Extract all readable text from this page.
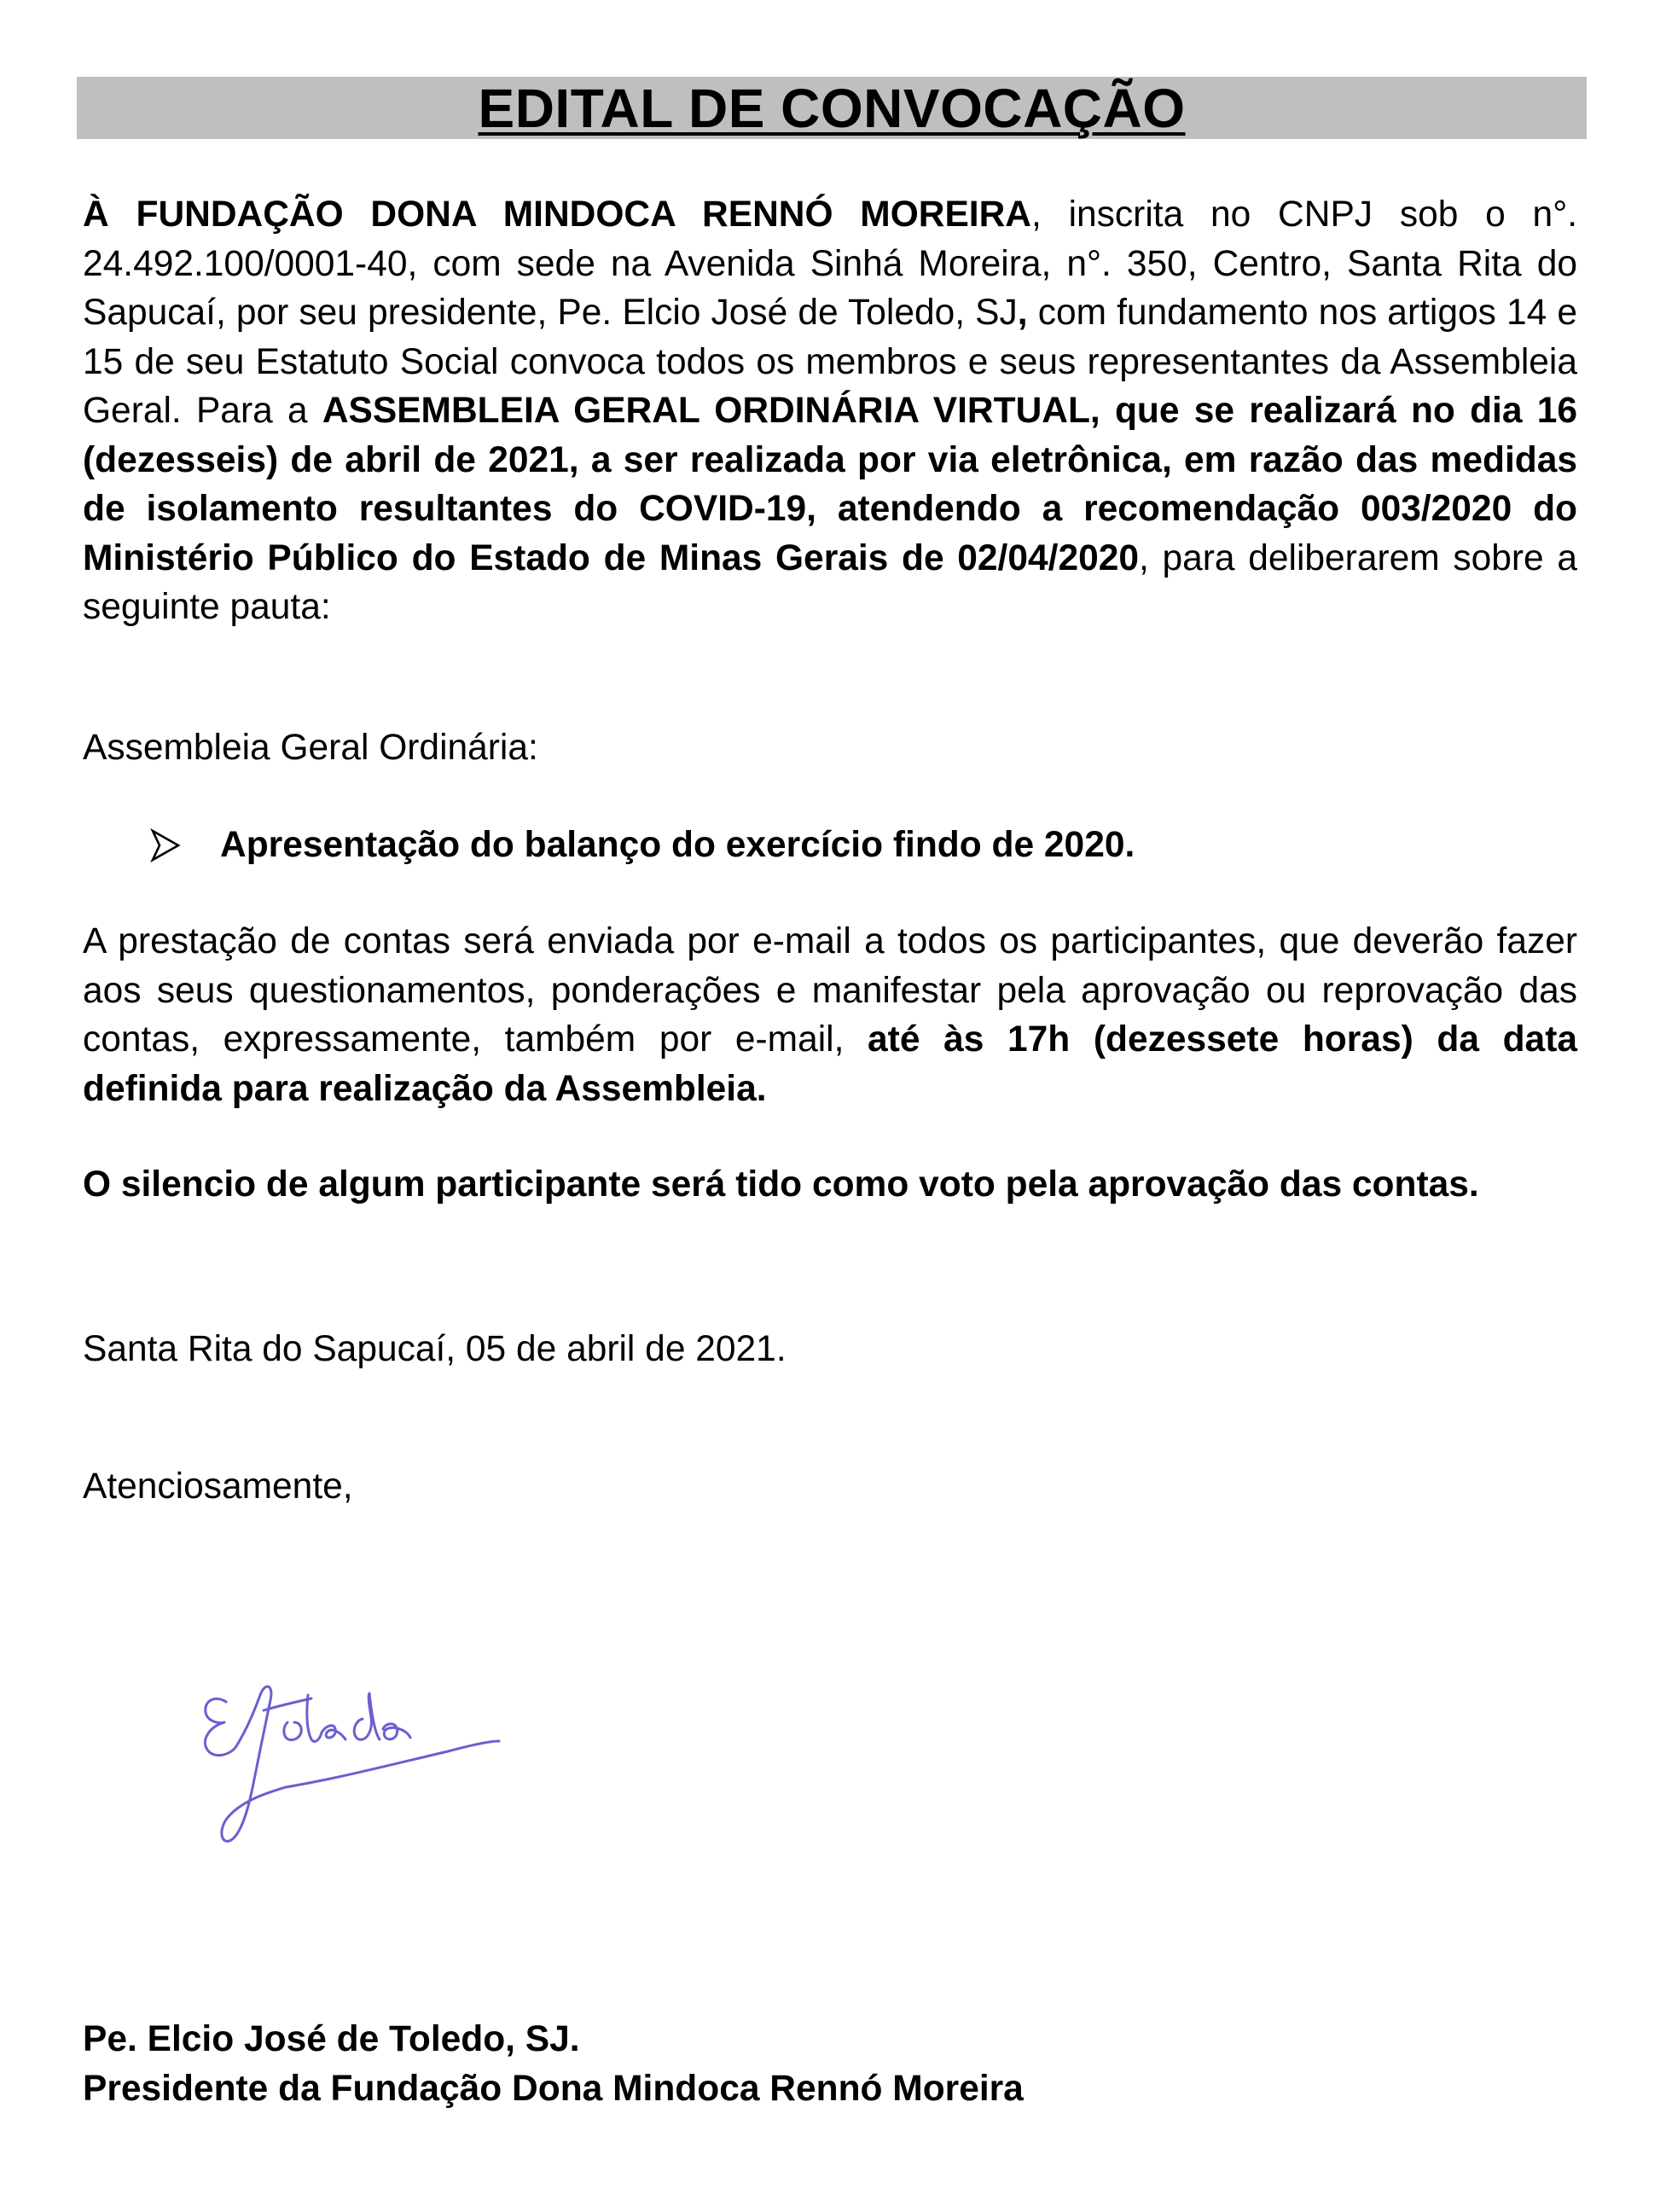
EDITAL DE CONVOCAÇÃO
À FUNDAÇÃO DONA MINDOCA RENNÓ MOREIRA, inscrita no CNPJ sob o n°. 24.492.100/0001-40, com sede na Avenida Sinhá Moreira, n°. 350, Centro, Santa Rita do Sapucaí, por seu presidente, Pe. Elcio José de Toledo, SJ, com fundamento nos artigos 14 e 15 de seu Estatuto Social convoca todos os membros e seus representantes da Assembleia Geral. Para a ASSEMBLEIA GERAL ORDINÁRIA VIRTUAL, que se realizará no dia 16 (dezesseis) de abril de 2021, a ser realizada por via eletrônica, em razão das medidas de isolamento resultantes do COVID-19, atendendo a recomendação 003/2020 do Ministério Público do Estado de Minas Gerais de 02/04/2020, para deliberarem sobre a seguinte pauta:
Assembleia Geral Ordinária:
Apresentação do balanço do exercício findo de 2020.
A prestação de contas será enviada por e-mail a todos os participantes, que deverão fazer aos seus questionamentos, ponderações e manifestar pela aprovação ou reprovação das contas, expressamente, também por e-mail, até às 17h (dezessete horas) da data definida para realização da Assembleia.
O silencio de algum participante será tido como voto pela aprovação das contas.
Santa Rita do Sapucaí, 05 de abril de 2021.
Atenciosamente,
Pe. Elcio José de Toledo, SJ.
Presidente da Fundação Dona Mindoca Rennó Moreira
